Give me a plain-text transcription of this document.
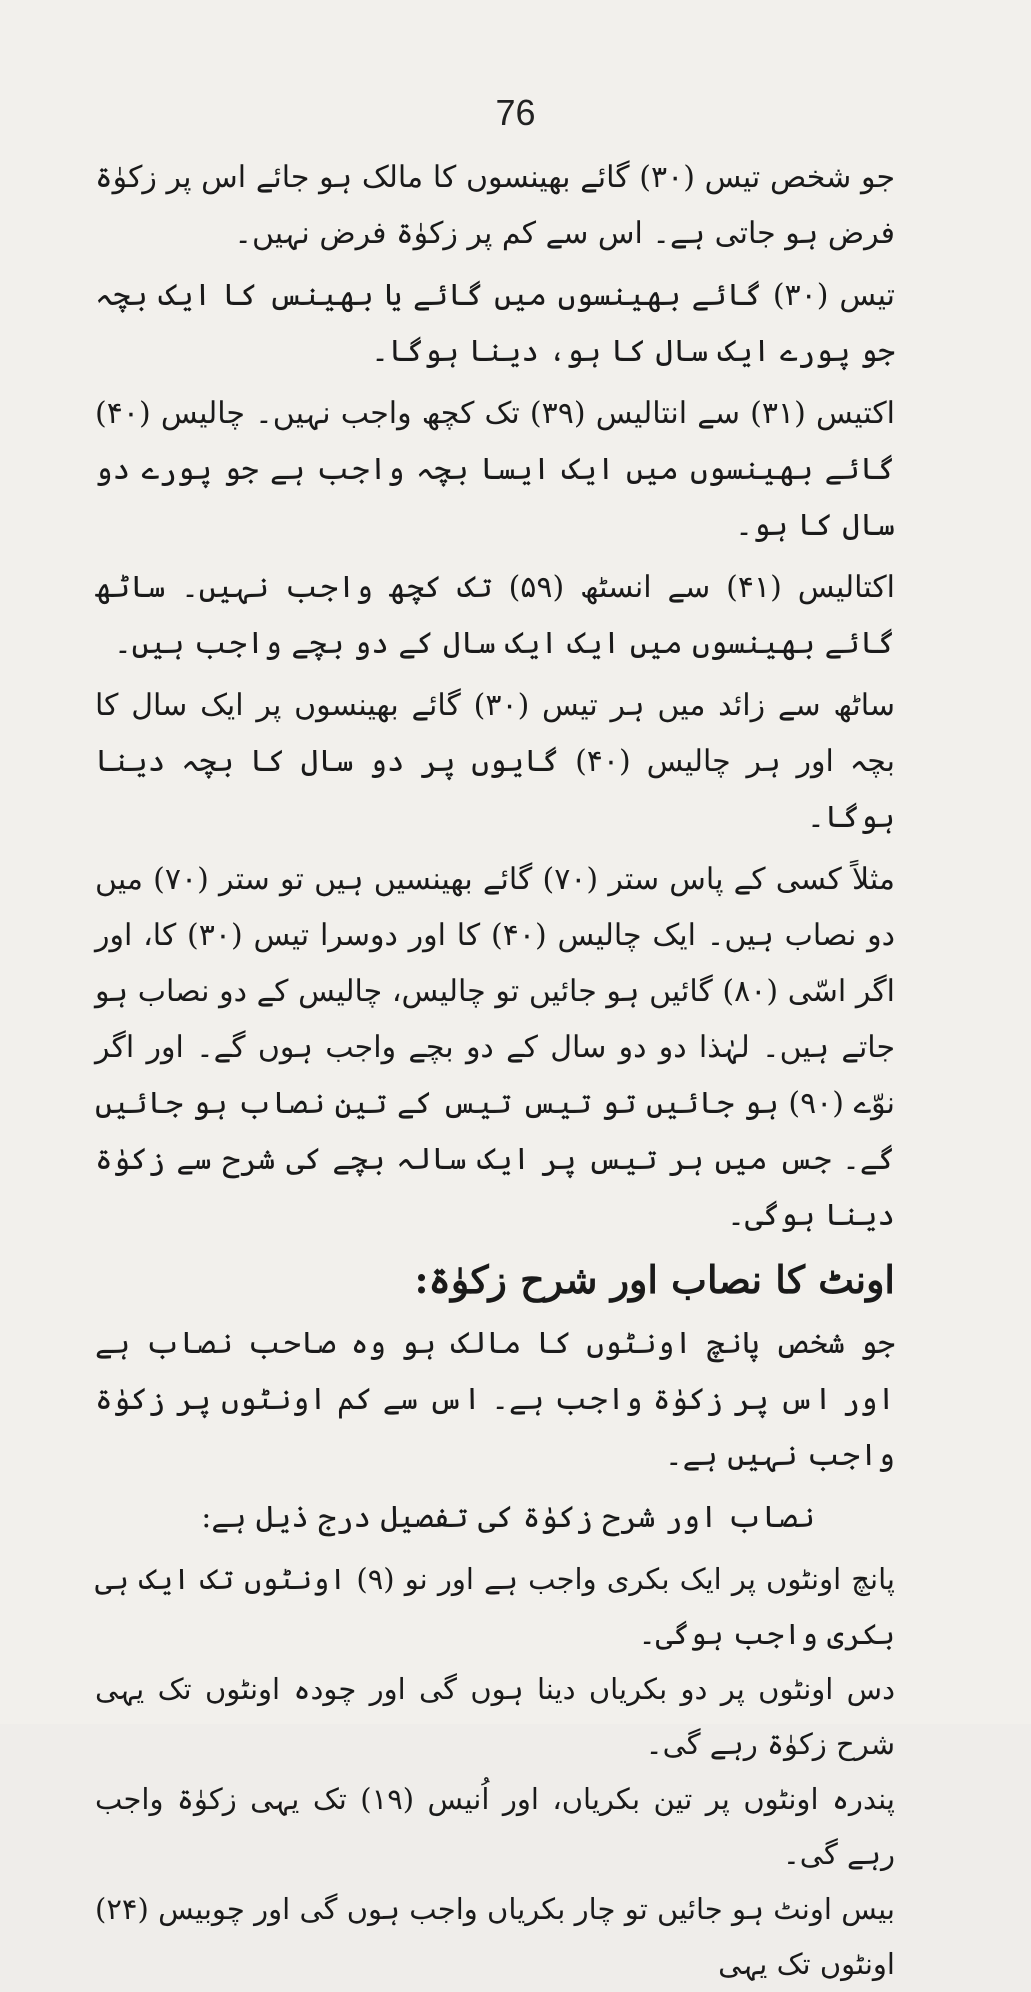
76

جو شخص تیس (۳۰) گائے بھینسوں کا مالک ہو جائے اس پر زکوٰۃ فرض ہو جاتی ہے۔ اس سے کم پر زکوٰۃ فرض نہیں۔

تیس (۳۰) گائے بھینسوں میں گائے یا بھینس کا ایک بچہ جو پورے ایک سال کا ہو، دینا ہوگا۔

اکتیس (۳۱) سے انتالیس (۳۹) تک کچھ واجب نہیں۔ چالیس (۴۰) گائے بھینسوں میں ایک ایسا بچہ واجب ہے جو پورے دو سال کا ہو۔

اکتالیس (۴۱) سے انسٹھ (۵۹) تک کچھ واجب نہیں۔ ساٹھ گائے بھینسوں میں ایک ایک سال کے دو بچے واجب ہیں۔

ساٹھ سے زائد میں ہر تیس (۳۰) گائے بھینسوں پر ایک سال کا بچہ اور ہر چالیس (۴۰) گایوں پر دو سال کا بچہ دینا ہوگا۔

مثلاً کسی کے پاس ستر (۷۰) گائے بھینسیں ہیں تو ستر (۷۰) میں دو نصاب ہیں۔ ایک چالیس (۴۰) کا اور دوسرا تیس (۳۰) کا، اور اگر اسّی (۸۰) گائیں ہو جائیں تو چالیس، چالیس کے دو نصاب ہو جاتے ہیں۔ لہٰذا دو دو سال کے دو بچے واجب ہوں گے۔ اور اگر نوّے (۹۰) ہو جائیں تو تیس تیس کے تین نصاب ہو جائیں گے۔ جس میں ہر تیس پر ایک سالہ بچے کی شرح سے زکوٰۃ دینا ہوگی۔

اونٹ کا نصاب اور شرح زکوٰۃ:

جو شخص پانچ اونٹوں کا مالک ہو وہ صاحب نصاب ہے اور اس پر زکوٰۃ واجب ہے۔ اس سے کم اونٹوں پر زکوٰۃ واجب نہیں ہے۔

نصاب اور شرح زکوٰۃ کی تفصیل درج ذیل ہے:

پانچ اونٹوں پر ایک بکری واجب ہے اور نو (۹) اونٹوں تک ایک ہی بکری واجب ہوگی۔

دس اونٹوں پر دو بکریاں دینا ہوں گی اور چودہ اونٹوں تک یہی شرح زکوٰۃ رہے گی۔

پندرہ اونٹوں پر تین بکریاں، اور اُنیس (۱۹) تک یہی زکوٰۃ واجب رہے گی۔

بیس اونٹ ہو جائیں تو چار بکریاں واجب ہوں گی اور چوبیس (۲۴) اونٹوں تک یہی
